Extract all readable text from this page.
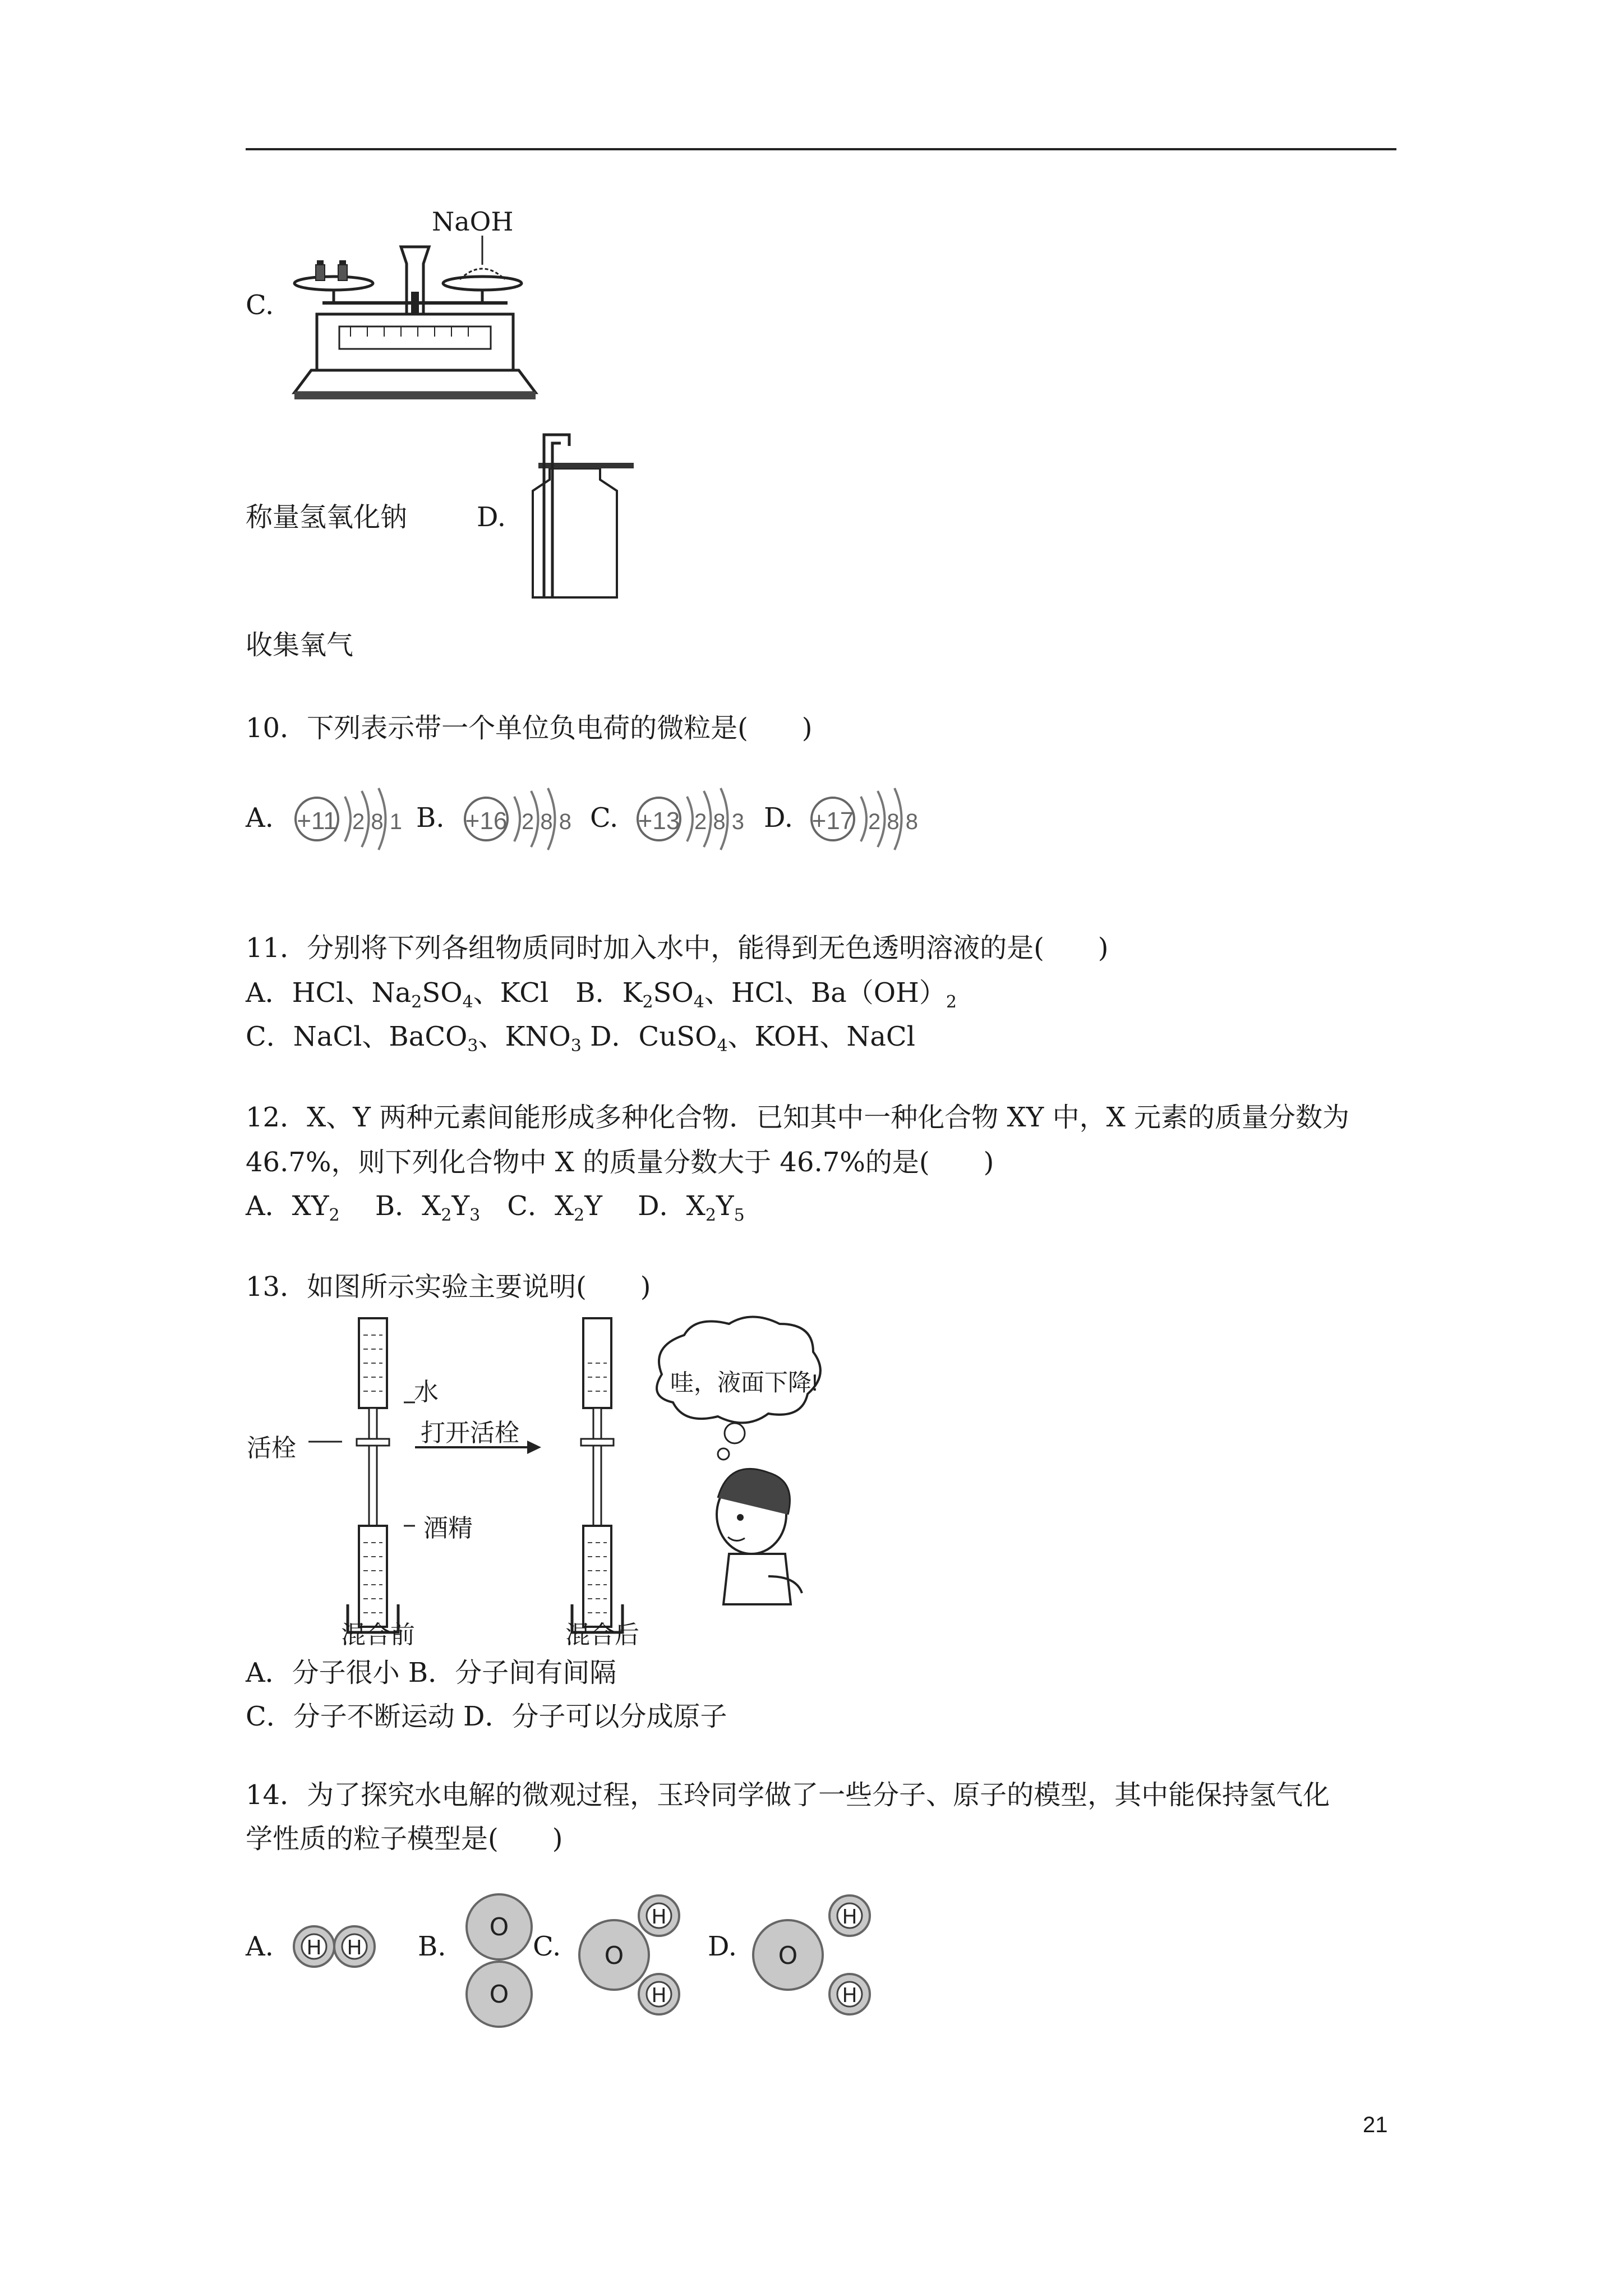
C.
NaOH
称量氢氧化钠	D.
收集氧气
10．下列表示带一个单位负电荷的微粒是(　　)
A. +11 2 8 1 B. +16 2 8 8 C. +13 2 8 3 D. +17 2 8 8
11．分别将下列各组物质同时加入水中，能得到无色透明溶液的是(　　)
A．HCl、$Na_2SO_4$、KCl　B．$K_2SO_4$、HCl、$Ba(OH)_2$
C．NaCl、BaCO$_3$、$KNO_3$ D．CuSO$_4$、KOH、NaCl
12．X、Y 两种元素间能形成多种化合物．已知其中一种化合物 XY 中，X 元素的质量分数为
46.7%，则下列化合物中 X 的质量分数大于 46.7%的是(　　)
A．$XY_2$　 B．$X_2Y_3$　C．$X_2Y$　 D．$X_2Y_5$
13．如图所示实验主要说明(　　)
水
活栓
打开活栓
酒精
混合前	混合后
哇，液面下降!
A．分子很小 B．分子间有间隔
C．分子不断运动 D．分子可以分成原子
14．为了探究水电解的微观过程，玉玲同学做了一些分子、原子的模型，其中能保持氢气化
学性质的粒子模型是(　　)
A. H H B.
O
O
C. O
H
H
D. O
H
H
21
